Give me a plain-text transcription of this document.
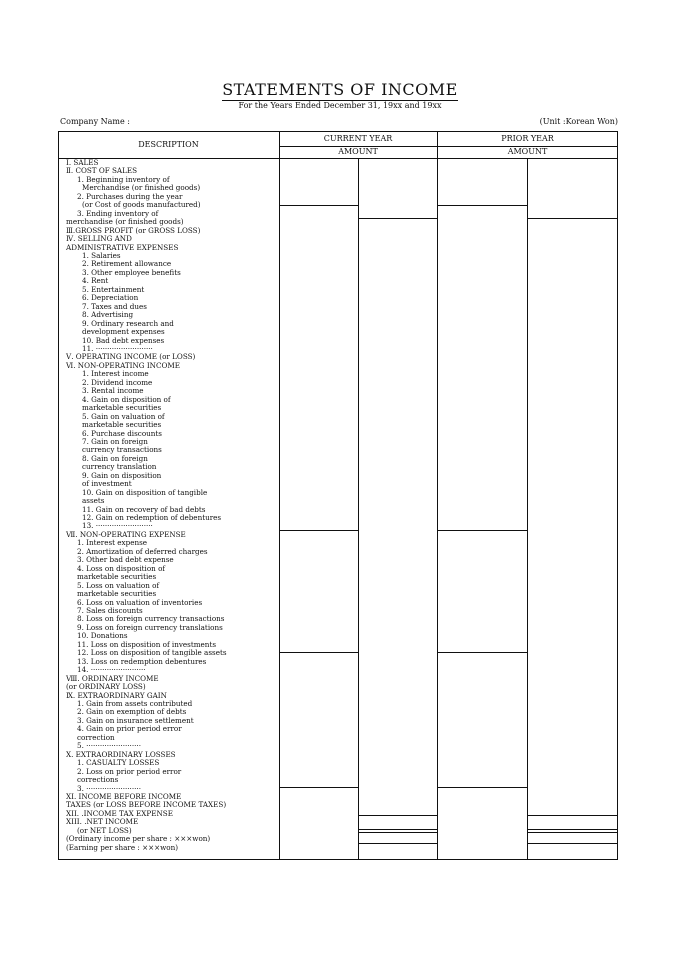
STATEMENTS OF INCOME
For the Years Ended December 31, 19xx and 19xx
Company Name :	(Unit :Korean Won)
DESCRIPTION
CURRENT YEAR	PRIOR YEAR
AMOUNT	AMOUNT
Ⅰ. SALES
Ⅱ. COST OF SALES
1. Beginning inventory of
Merchandise (or finished goods)
2. Purchases during the year
(or Cost of goods manufactured)
3. Ending inventory of
merchandise (or finished goods)
Ⅲ.GROSS PROFIT (or GROSS LOSS)
Ⅳ. SELLING AND
ADMINISTRATIVE EXPENSES
1. Salaries
2. Retirement allowance
3. Other employee benefits
4. Rent
5. Entertainment
6. Depreciation
7. Taxes and dues
8. Advertising
9. Ordinary research and
development expenses
10. Bad debt expenses
11. ·························
Ⅴ. OPERATING INCOME (or LOSS)
Ⅵ. NON-OPERATING INCOME
1. Interest income
2. Dividend income
3. Rental income
4. Gain on disposition of
marketable securities
5. Gain on valuation of
marketable securities
6. Purchase discounts
7. Gain on foreign
currency transactions
8. Gain on foreign
currency translation
9. Gain on disposition
of investment
10. Gain on disposition of tangible
assets
11. Gain on recovery of bad debts
12. Gain on redemption of debentures
13. ·························
Ⅶ. NON-OPERATING EXPENSE
1. Interest expense
2. Amortization of deferred charges
3. Other bad debt expense
4. Loss on disposition of
marketable securities
5. Loss on valuation of
marketable securities
6. Loss on valuation of inventories
7. Sales discounts
8. Loss on foreign currency transactions
9. Loss on foreign currency translations
10. Donations
11. Loss on disposition of investments
12. Loss on disposition of tangible assets
13. Loss on redemption debentures
14. ························
Ⅷ. ORDINARY INCOME
(or ORDINARY LOSS)
Ⅸ. EXTRAORDINARY GAIN
1. Gain from assets contributed
2. Gain on exemption of debts
3. Gain on insurance settlement
4. Gain on prior period error
correction
5. ························
Ⅹ. EXTRAORDINARY LOSSES
1. CASUALTY LOSSES
2. Loss on prior period error
corrections
3. ························
XⅠ. INCOME BEFORE INCOME
TAXES (or LOSS BEFORE INCOME TAXES)
XⅠⅠ. .INCOME TAX EXPENSE
XⅠⅠⅠ. .NET INCOME
(or NET LOSS)
(Ordinary income per share : ×××won)
(Earning per share : ×××won)
